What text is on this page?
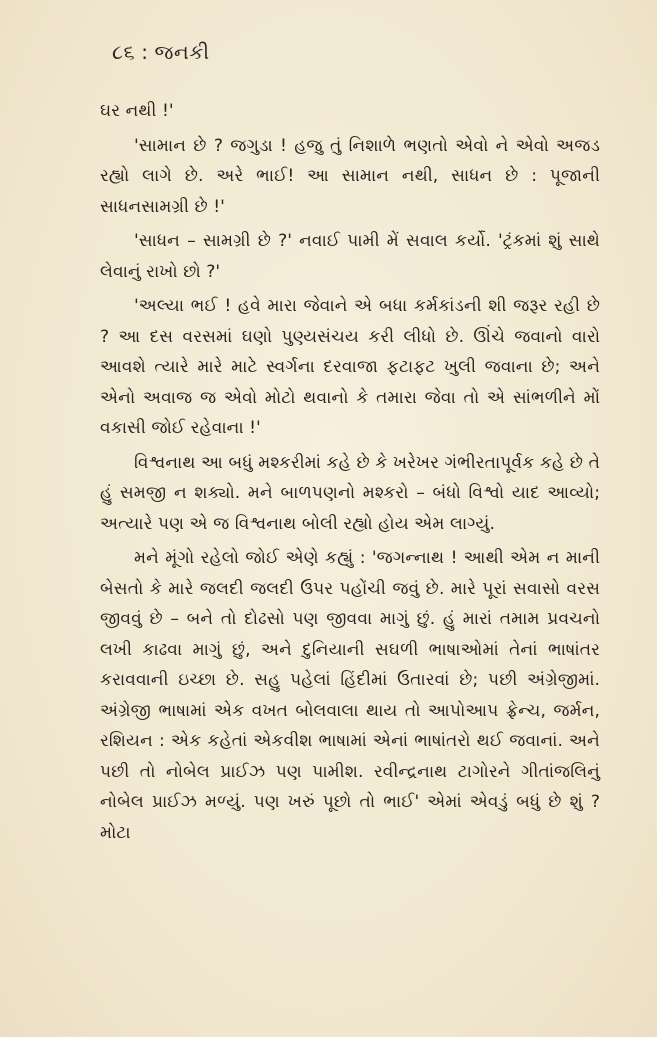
૮૬ : જનકી

ઘર નથી !'

'સામાન છે ? જગુડા ! હજુ તું નિશાળે ભણતો એવો ને એવો અજડ રહ્યો લાગે છે. અરે ભાઈ! આ સામાન નથી, સાધન છે : પૂજાની સાધનસામગ્રી છે !'

'સાધન – સામગ્રી છે ?' નવાઈ પામી મેં સવાલ કર્યો. 'ટ્રંકમાં શું સાથે લેવાનું રાખો છો ?'

'અલ્યા ભઈ ! હવે મારા જેવાને એ બધા કર્મકાંડની શી જરૂર રહી છે ? આ દસ વરસમાં ઘણો પુણ્યસંચય કરી લીધો છે. ઊંચે જવાનો વારો આવશે ત્યારે મારે માટે સ્વર્ગના દરવાજા ફટાફટ ખુલી જવાના છે; અને એનો અવાજ જ એવો મોટો થવાનો કે તમારા જેવા તો એ સાંભળીને મોં વકાસી જોઈ રહેવાના !'

વિશ્વનાથ આ બધું મશ્કરીમાં કહે છે કે ખરેખર ગંભીરતાપૂર્વક કહે છે તે હું સમજી ન શક્યો. મને બાળપણનો મશ્કરો – બંધો વિશ્વો યાદ આવ્યો; અત્યારે પણ એ જ વિશ્વનાથ બોલી રહ્યો હોય એમ લાગ્યું.

મને મૂંગો રહેલો જોઈ એણે કહ્યું : 'જગન્નાથ ! આથી એમ ન માની બેસતો કે મારે જલદી જલદી ઉપર પહોંચી જવું છે. મારે પૂરાં સવાસો વરસ જીવવું છે – બને તો દોઢસો પણ જીવવા માગું છું. હું મારાં તમામ પ્રવચનો લખી કાઢવા માગું છું, અને દુનિયાની સઘળી ભાષાઓમાં તેનાં ભાષાંતર કરાવવાની ઇચ્છા છે. સહુ પહેલાં હિંદીમાં ઉતારવાં છે; પછી અંગ્રેજીમાં. અંગ્રેજી ભાષામાં એક વખત બોલવાલા થાય તો આપોઆપ ફ્રેન્ચ, જર્મન, રશિયન : એક કહેતાં એકવીશ ભાષામાં એનાં ભાષાંતરો થઈ જવાનાં. અને પછી તો નોબેલ પ્રાઈઝ પણ પામીશ. રવીન્દ્રનાથ ટાગોરને ગીતાંજલિનું નોબેલ પ્રાઈઝ મળ્યું. પણ ખરું પૂછો તો ભાઈ' એમાં એવડું બધું છે શું ? મોટા
